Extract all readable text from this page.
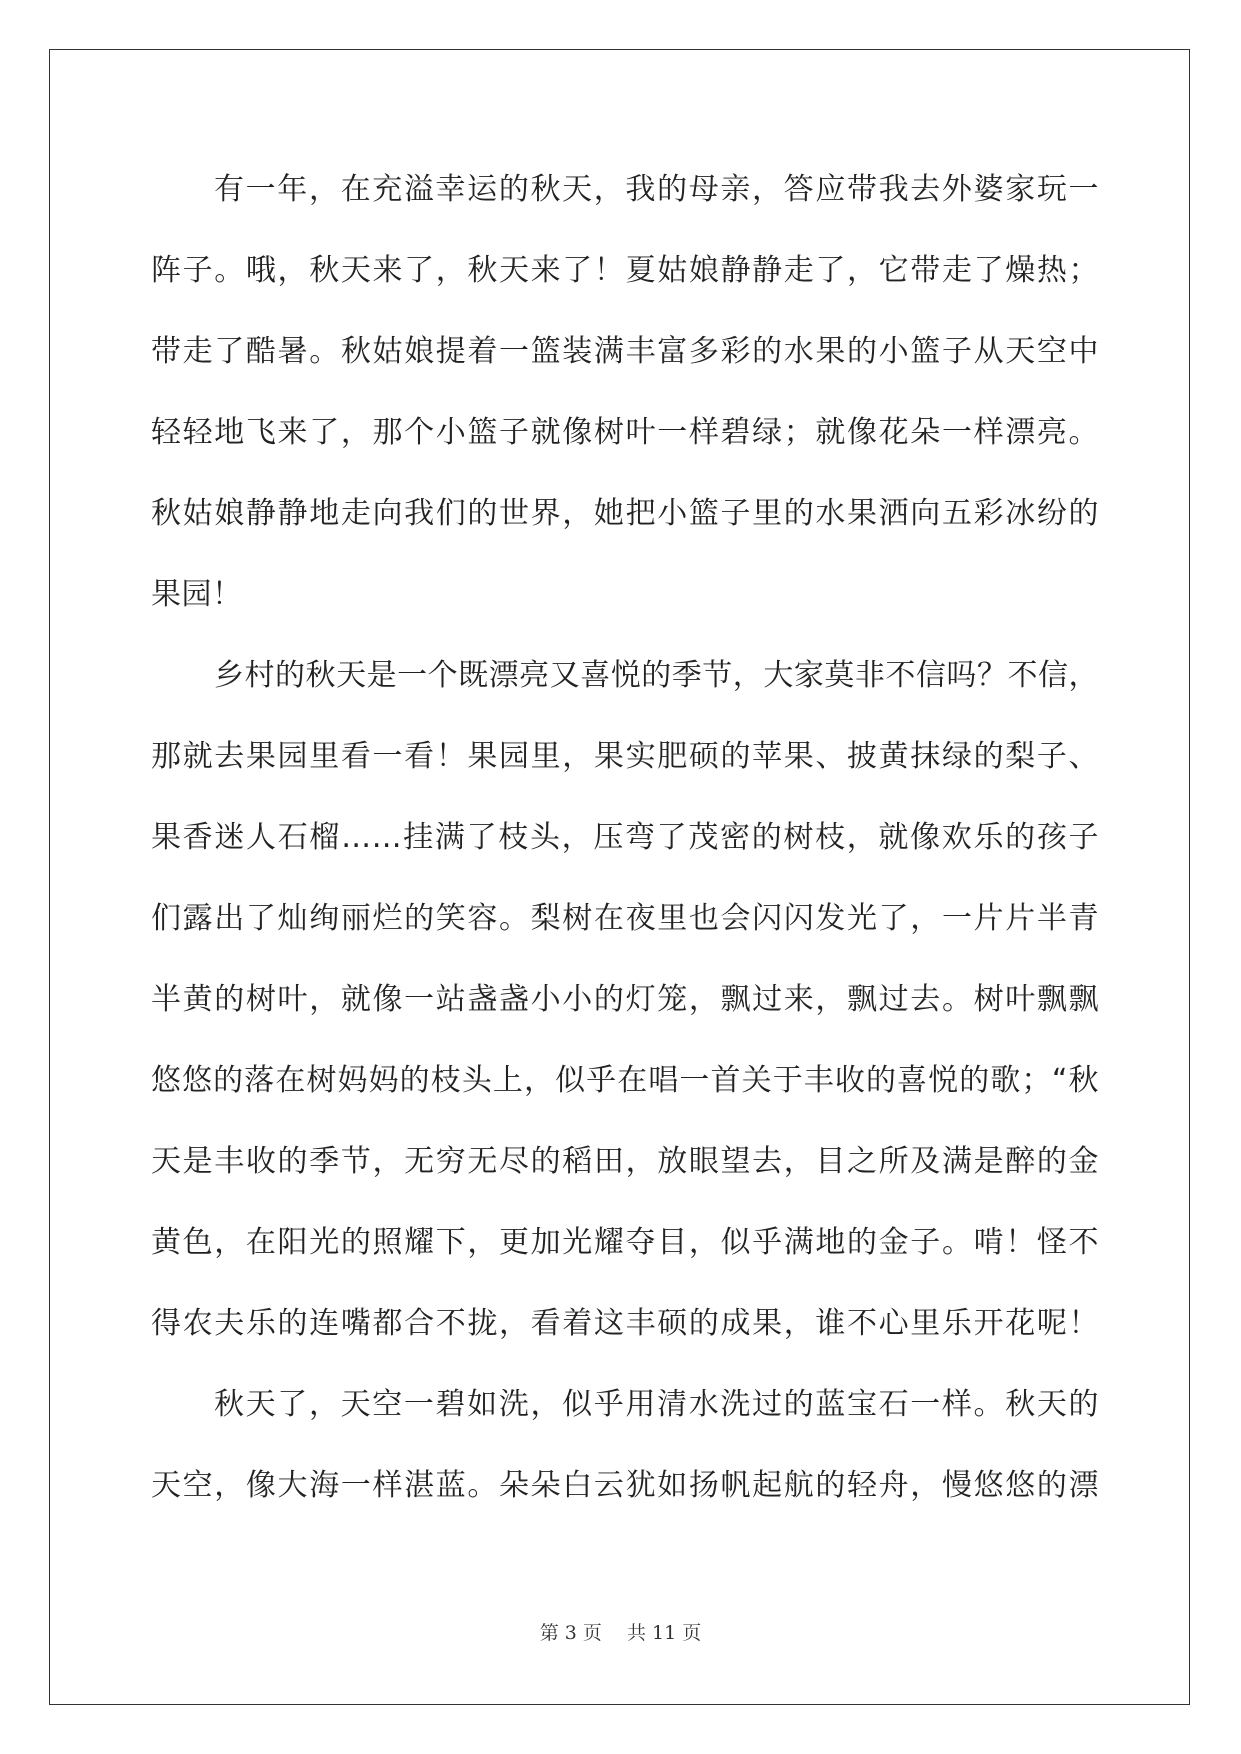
有一年，在充溢幸运的秋天，我的母亲，答应带我去外婆家玩一
阵子。哦，秋天来了，秋天来了！夏姑娘静静走了，它带走了燥热；
带走了酷暑。秋姑娘提着一篮装满丰富多彩的水果的小篮子从天空中
轻轻地飞来了，那个小篮子就像树叶一样碧绿；就像花朵一样漂亮。
秋姑娘静静地走向我们的世界，她把小篮子里的水果洒向五彩冰纷的
果园！
乡村的秋天是一个既漂亮又喜悦的季节，大家莫非不信吗？不信，
那就去果园里看一看！果园里，果实肥硕的苹果、披黄抹绿的梨子、
果香迷人石榴……挂满了枝头，压弯了茂密的树枝，就像欢乐的孩子
们露出了灿绚丽烂的笑容。梨树在夜里也会闪闪发光了，一片片半青
半黄的树叶，就像一站盏盏小小的灯笼，飘过来，飘过去。树叶飘飘
悠悠的落在树妈妈的枝头上，似乎在唱一首关于丰收的喜悦的歌；“秋
天是丰收的季节，无穷无尽的稻田，放眼望去，目之所及满是醉的金
黄色，在阳光的照耀下，更加光耀夺目，似乎满地的金子。啃！怪不
得农夫乐的连嘴都合不拢，看着这丰硕的成果，谁不心里乐开花呢！
秋天了，天空一碧如洗，似乎用清水洗过的蓝宝石一样。秋天的
天空，像大海一样湛蓝。朵朵白云犹如扬帆起航的轻舟，慢悠悠的漂
第 3 页　 共 11 页
